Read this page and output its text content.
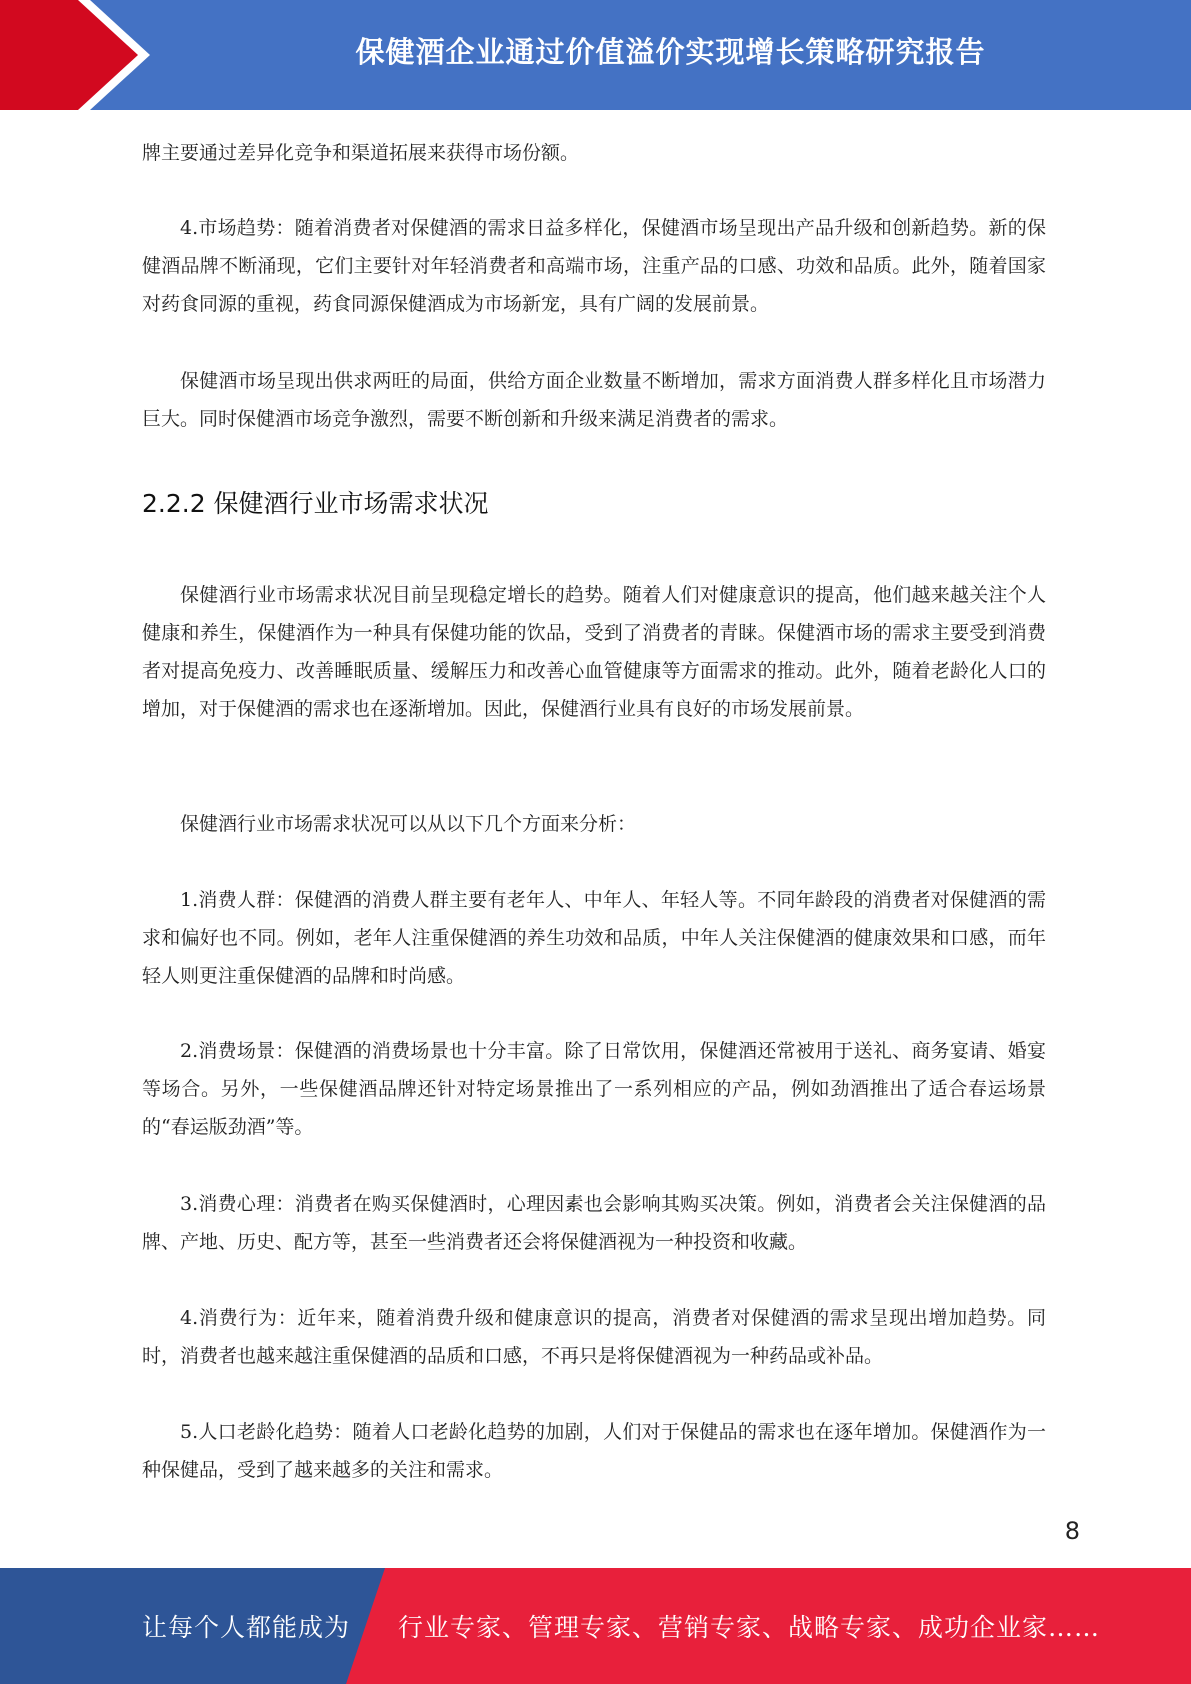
保健酒企业通过价值溢价实现增长策略研究报告

牌主要通过差异化竞争和渠道拓展来获得市场份额。

4.市场趋势：随着消费者对保健酒的需求日益多样化，保健酒市场呈现出产品升级和创新趋势。新的保健酒品牌不断涌现，它们主要针对年轻消费者和高端市场，注重产品的口感、功效和品质。此外，随着国家对药食同源的重视，药食同源保健酒成为市场新宠，具有广阔的发展前景。

保健酒市场呈现出供求两旺的局面，供给方面企业数量不断增加，需求方面消费人群多样化且市场潜力巨大。同时保健酒市场竞争激烈，需要不断创新和升级来满足消费者的需求。

2.2.2 保健酒行业市场需求状况

保健酒行业市场需求状况目前呈现稳定增长的趋势。随着人们对健康意识的提高，他们越来越关注个人健康和养生，保健酒作为一种具有保健功能的饮品，受到了消费者的青睐。保健酒市场的需求主要受到消费者对提高免疫力、改善睡眠质量、缓解压力和改善心血管健康等方面需求的推动。此外，随着老龄化人口的增加，对于保健酒的需求也在逐渐增加。因此，保健酒行业具有良好的市场发展前景。

保健酒行业市场需求状况可以从以下几个方面来分析：

1.消费人群：保健酒的消费人群主要有老年人、中年人、年轻人等。不同年龄段的消费者对保健酒的需求和偏好也不同。例如，老年人注重保健酒的养生功效和品质，中年人关注保健酒的健康效果和口感，而年轻人则更注重保健酒的品牌和时尚感。

2.消费场景：保健酒的消费场景也十分丰富。除了日常饮用，保健酒还常被用于送礼、商务宴请、婚宴等场合。另外，一些保健酒品牌还针对特定场景推出了一系列相应的产品，例如劲酒推出了适合春运场景的“春运版劲酒”等。

3.消费心理：消费者在购买保健酒时，心理因素也会影响其购买决策。例如，消费者会关注保健酒的品牌、产地、历史、配方等，甚至一些消费者还会将保健酒视为一种投资和收藏。

4.消费行为：近年来，随着消费升级和健康意识的提高，消费者对保健酒的需求呈现出增加趋势。同时，消费者也越来越注重保健酒的品质和口感，不再只是将保健酒视为一种药品或补品。

5.人口老龄化趋势：随着人口老龄化趋势的加剧，人们对于保健品的需求也在逐年增加。保健酒作为一种保健品，受到了越来越多的关注和需求。

8
让每个人都能成为 行业专家、管理专家、营销专家、战略专家、成功企业家……
